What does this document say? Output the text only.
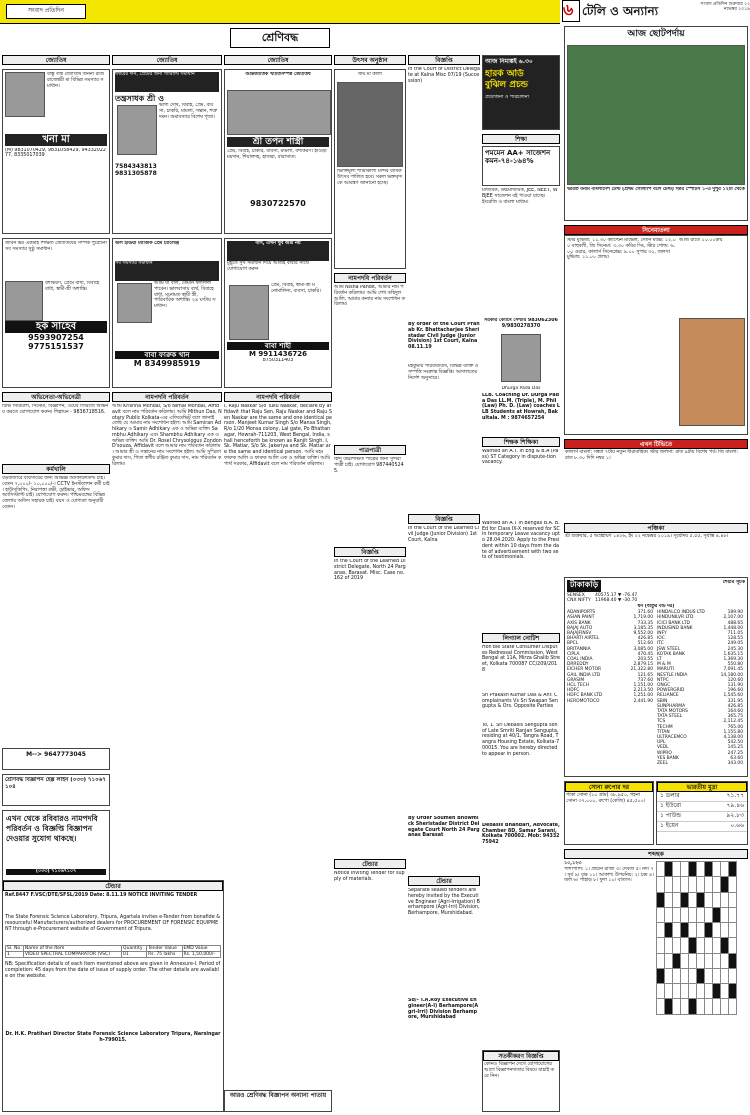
সংবাদ প্রতিদিন
শ্রেণিবদ্ধ
৬ টেলি ও অন্যান্য	সংবাদ প্রতিদিন শুক্রবার ২২ নভেম্বর ২০১৯
জ্যোতিষ
বাস্তু তন্ত্র জ্যোতিষ জননী রাজ রাজেশ্বরী মা বিভিন্ন সমস্যার সমাধান।
খনা মা
(M) 9831070429, 9831058429, 9433202277, 8335017039
জীবন ভর একটাই শিক্ষিত জ্যোতিষের সম্পর্ক পুরোনো সব সমস্যার সুষ্ঠু সমাধান।
বশীকরণ, প্রেমে বাধা, বিবাহে বাধা, স্বামী-স্ত্রী অশান্তি।
হক সাহেব
9593907254
9775151537
অভিনেতা-অভিনেত্রী
টিভি সিরিয়াল, সিনেমা, বিজ্ঞাপন, ওয়েব সিরিজে অভিনয় করতে যোগাযোগ করুন। শিল্পায়ন - 9836718516.
কর্মখালি
বড়বাজারে ব্যবসায়ের জন্য অভিজ্ঞ অ্যাকাউন্ট্যান্ট চাই। বেতন ৭,০০০/- ১০,০০০/-। CCTV ইনস্টলেশন কর্মী চাই। হাউসকিপিং, নিরাপত্তা রক্ষী, ড্রাইভার, অফিস অ্যাসিস্ট্যান্ট চাই। যোগাযোগ করুন। পশ্চিমবঙ্গের বিভিন্ন জেলায় অফিস সহায়ক চাই। বয়স ও যোগ্যতা অনুযায়ী বেতন।
M--> 9647773045
শ্রেণিবদ্ধ বিজ্ঞাপন হেল্প লাইন (০৩৩) ৭১০৬৭১০৪
এখন থেকে রবিবারও নামপদবি পরিবর্তন ও বিজ্ঞপ্তি বিজ্ঞাপন দেওয়ার সুযোগ থাকছে।
(০৩৩) ৭১০৬৭১০৭
জ্যোতিষ
ঈশ্বরের দান, প্রেমের জন্য গ্যারান্টি সমাধান
তন্ত্রসাধক শ্রী ও
ভাগ্য দোষ, বিবাহ, প্রেম, ব্যবসা, চাকরি, মামলা, সন্তান, শত্রু দমন। অমাবস্যার বিশেষ পূজা।
7584343813
9831305878
অল ইন্ডিয়া ম্যাজিক প্রেম চ্যালেঞ্জ
সব সমস্যার সমাধান
আমি যা বলি, তেমনি ফলাফল পাবেন। ভালবাসায় ব্যর্থ, বিবাহে বাধা, মনোমত স্বামী স্ত্রী, পারিবারিক অশান্তি। ২৪ ঘণ্টায় সমাধান।
বাবা ফারুক খান
M 8349985919
নামপদবি পরিবর্তন
আমি Krishna Mondal, S/o Nimai Mondal, Affidavit বলে নাম পরিবর্তন করিলাম। আমি Mithun Das, Notary Public Kolkata-এর এফিডেভিট বলে জানাইতেছি যে আমার নাম সংশোধন হইল। আমি Samiran Adhikary ও Samir Adhikary এক ও অভিন্ন ব্যক্তি। Sambhu Adhikary এবং Shambhu Adhikary এক ও অভিন্ন ব্যক্তি। আমি Dr. Rosel Chrysologus Zondon D'souza, Affidavit বলে আমার নাম পরিবর্তন করিলাম। আমার স্ত্রী ও সন্তানের নাম সংশোধন হইল। আমি সুস্মিতা কুমার দাস, পিতা স্বর্গীয় রঞ্জিত কুমার দাস, নাম পরিবর্তন করিলাম।
জ্যোতিষ
আন্তর্জাতিক খ্যাতিসম্পন্ন জ্যোতিষ
শ্রী তপন শাস্ত্রী
প্রেম, বিবাহ, চাকরি, ব্যবসা, মামলা, বশীকরণ। হাওড়া ময়দান, শিয়ালদহ, হাজরা, বারাসাত।
9830722570
বাস, এখন খুব আর নয়
মুহূর্তে সুখ সমাধান দিয়ে আজই বাবার সাথে যোগাযোগ করুন
প্রেম, বিবাহ, স্বামী-স্ত্রী মনোমালিন্য, ব্যবসা, চাকরি।
বাবা শাহী
M 9911436726
8750311403
নামপদবি পরিবর্তন
I, Raju Naskar S/o Tuku Naskar, declare by affidavit that Raju Sen, Raju Naskar and Raju Sen Naskar are the same and one identical person. Manjeet Kumar Singh S/o Mansa Singh, R/o 1/20 Monsa colony, Lal gate, Po Bhattanagar, Howrah-711203, West Bengal, India, shall henceforth be known as Ranjit Singh. I, Sk. Matiar, S/o Sk. Jakeriya and Sk. Matiar are the same and identical person. আমি মহঃ ফারুক আলি ও ফারুক আলি এক ও অভিন্ন ব্যক্তি। আমি পার্থ সরকার, Affidavit বলে নাম পরিবর্তন করিলাম।
উৎসব অনুষ্ঠান
জয় মা কালী
ভিক্তিমূলী শ্যামাকালী মন্দির বার্ষিক উৎসব পালিত হবে। সকল ভক্তবৃন্দকে আমন্ত্রণ জানানো হচ্ছে।
নামপদবি পরিবর্তন
আমি Nisha Pandit, আমার নাম পরিবর্তন করিলাম। আমি শেখ তহিদুল আলি, আমার কন্যার নাম সংশোধন করিলাম।
পাত্রপাত্রী
হিন্দু উচ্চশিক্ষিত পাত্রের জন্য সুন্দরী পাত্রী চাই। যোগাযোগ 9874405245.
বিজ্ঞপ্তি
In the Court of the Learned District Delegate, North 24 Parganas, Barasat. Misc. Case no. 162 of 2019
টেন্ডার
Notice Inviting Tender for supply of materials.
বিজ্ঞপ্তি
In the Court of District Delegate at Kalna Misc 07/19 (Succession)
By order of the Court Pranab Kr. Bhattacharjee Sheristadar Civil Judge (Junior Division) 1st Court, Kalna 08.11.19
মহকুমার পরিবারবিধি, বিভিন্ন ব্যক্তি ও সম্পত্তি সংক্রান্ত বিজ্ঞপ্তি। আদালতের নির্দেশ অনুসারে।
বিজ্ঞপ্তি
In the Court of the Learned Civil Judge (Junior Division) 1st Court, Kalna
By Order Soumen Bhowmick Sheristadar District Delegate Court North 24 Parganas Barasat
টেন্ডার
Separate sealed tenders are hereby invited by the Executive Engineer (Agri-Irrigation) Berhampore (Agri-Irri) Division, Berhampore, Murshidabad.
Sd/- T.A.Roy Executive Engineer(A-I) Berhampore(Agri-Irri) Division Berhampore, Murshidabad
আজ নিমাঙ্কই ৬.৩০
হারর্ক অর্ডি
বুঝিল প্রচন্ড
প্রযোজনা ও পরিচালনা
শিক্ষা
পমমেন AA+ সাজেশন কমন-৭৪-১৬৪%
মাধ্যমিক, উচ্চমাধ্যমিক, JEE, NEET, WBJEE সাজেশন বই পাওয়া যাচ্ছে। ইংরেজি ও বাংলা মাধ্যম।
সরকার কোচিং সেন্টার 9830623069/9830278370
Dhurga Pada Das
LLB. Coaching Dr. Durga Pada Das LL.M. (Triple), M. Phil (Law) Ph. D. (Law) coaches LLB Students at Howrah, Bakultala. M : 9874657254
শিক্ষক শিক্ষিকা
Wanted an A.T. in Eng & B.A (Pass) ST Category in dispute-tion vacancy.
Wanted an A.T in Bengali B.A. B.Ed for Class IX-X reserved for SC in temporary Leave vacancy upto 28.04.2020. Apply to the President within 10 days from the date of advertisement with two sets of testimonials.
লিগ্যাল নোটিশ
Hon'ble State Consumer Disputes Redressal Commission, West Bengal at 11A, Mirza Ghalib Street, Kolkata 700087 CC/209/2018
Sri Prakash Kumar Das & Anr. Complainants Vs Sri Swapan Sengupta & Ors. Opposite Parties
To, 1. Sri Debasis Sengupta son of Late Smriti Ranjan Sengupta, residing at 40/1, Tangra Road, Tangra Housing Estate, Kolkata-700015. You are hereby directed to appear in person.
Debasis Bhandari, Advocate, Chamber 8D, Samar Sarani, Kolkata 700002. Mob: 9433275942
সতর্কীকরণ বিজ্ঞপ্তি
কোনও বিজ্ঞাপন দেখে যোগাযোগের আগে বিজ্ঞাপনদাতার বিষয়ে যাচাই করে নিন।
টেন্ডার
Ref.8447 F.VSC/DTE/SFSL/2019 Date: 8.11.19 NOTICE INVITING TENDER
The State Forensic Science Laboratory, Tripura, Agartala invites e-Tender from bonafide & resourceful Manufacturers/authorized dealers for PROCUREMENT OF FORENSIC EQUIPMENT through e-Procurement website of Government of Tripura.
Sl. No	Name of the Item	Quantity	Tender Value	EMD Value
1	VIDEO SPECTRAL COMPARATOR (VSC)	01	Rs. 75 lakhs	Rs. 1,50,000/-
NB: Specification details of each item mentioned above are given in Annexure-I. Period of completion: 45 days from the date of issue of supply order. The other details are available on the website.
Dr. H.K. Pratihari Director State Forensic Science Laboratory Tripura, Narsingarh-799015.
আরও শ্রেণিবদ্ধ বিজ্ঞাপন অন্যান্য পাতায়
আজ ছোটপর্দায়
ভারত বনাম বাংলাদেশ টেস্ট (প্রথম গোলাপি বলে টেস্ট) স্টার স্পোর্টস ১-এ দুপুর ১২টা থেকে
সিনেমাতলা
স্টার মুভিজ: ১১.৩০ ক্যাপ্টেন মার্ভেল, সোনি ম্যাক্স: ১২.০০ বাহুবলী, জি সিনেমা: ৩.৩০ কবির সিং, স্টার গোল্ড: ৬.০০ ওয়ার, কালার্স সিনেপ্লেক্স: ৯.০০ সুপার ৩০, জলসা মুভিজ: ১১.০০ প্রলয়।
আজ রাতে ১০.০০টায়
এখন টিভিতে
কালার্স বাংলা: সন্ধ্যা ৭টায় নতুন ধারাবাহিক। স্টার জলসা: রাত ৯টায় বিশেষ পর্ব। জি বাংলা: রাত ৮.৩০ দিদি নম্বর ১।
পঞ্চিকা
শ্রী শুক্রবার, ৫ অগ্রহায়ণ ১৪২৬, ইং ২২ নভেম্বর ২০১৯। সূর্যোদয় ৫.৫৫, সূর্যাস্ত ৪.৪৮।
টাকাকড়ি	শেয়ার সূচক
SENSEX	40575.17 ▼ -76.47
CNX NIFTY 11968.40 ▼ -30.70
ধন (ধাতুর বন্ড দর)
ADANIPORTS	371.60
ASIAN PAINT	1,719.00
AXIS BANK	733.35
BAJAJ AUTO	3,185.35
BAJAJFINSV	9,552.00
BHARTI AIRTEL	426.85
BPCL	512.60
BRITANNIA	3,085.00
CIPLA	470.45
COAL INDIA	203.55
DRREDDY	2,879.15
EICHER MOTOR	21,322.80
GAIL INDIA LTD	121.65
GRASIM	737.60
HCL TECH	1,151.00
HDFC	2,213.50
HDFC BANK LTD	1,251.00
HEROMOTOCO	2,441.90
HINDALCO INDUS LTD	189.90
HINDUNILVR LTD	2,107.00
ICICI BANK LTD	488.65
INDUSIND BANK	1,448.00
INFY	711.05
IOC	128.55
ITC	249.05
JSW STEEL	245.30
KOTAK BANK	1,635.15
LT	1,369.30
M & M	550.80
MARUTI	7,091.45
NESTLE INDIA	14,180.00
NTPC	120.60
ONGC	131.90
POWERGRID	196.60
RELIANCE	1,545.60
SBIN	331.95
SUNPHARMA	426.85
TATA MOTORS	164.60
TATA STEEL	365.75
TCS	2,112.45
TECHM	765.00
TITAN	1,155.80
ULTRACEMCO	4,138.00
UPL	542.50
VEDL	145.25
WIPRO	247.25
YES BANK	63.60
ZEEL	343.00
সোনা রুপোর দর
পাকা সোনা (১০ গ্রাম) ৩৮,৯৫০, গহনা সোনা ৩৭,০০০, রুপো (কেজি) ৪৫,৫০০।
ভারতীয় মুদ্রা
১ ডলার	৭১.৭৭
১ ইউরো	৭৯.৪৬
১ পাউন্ড	৯২.৮৩
১ ইয়েন	০.৬৬
শব্দছক
১০,১২৩
পাশাপাশি: ১। প্রাচীন রাজা ৩। দেবতা ৫। নদী ৭। সূর্য ৯। বৃক্ষ ১১। আকাশ। উপরনিচ: ২। চন্দ্র ৪। জল ৬। পাহাড় ৮। ফুল ১০। বাতাস।
